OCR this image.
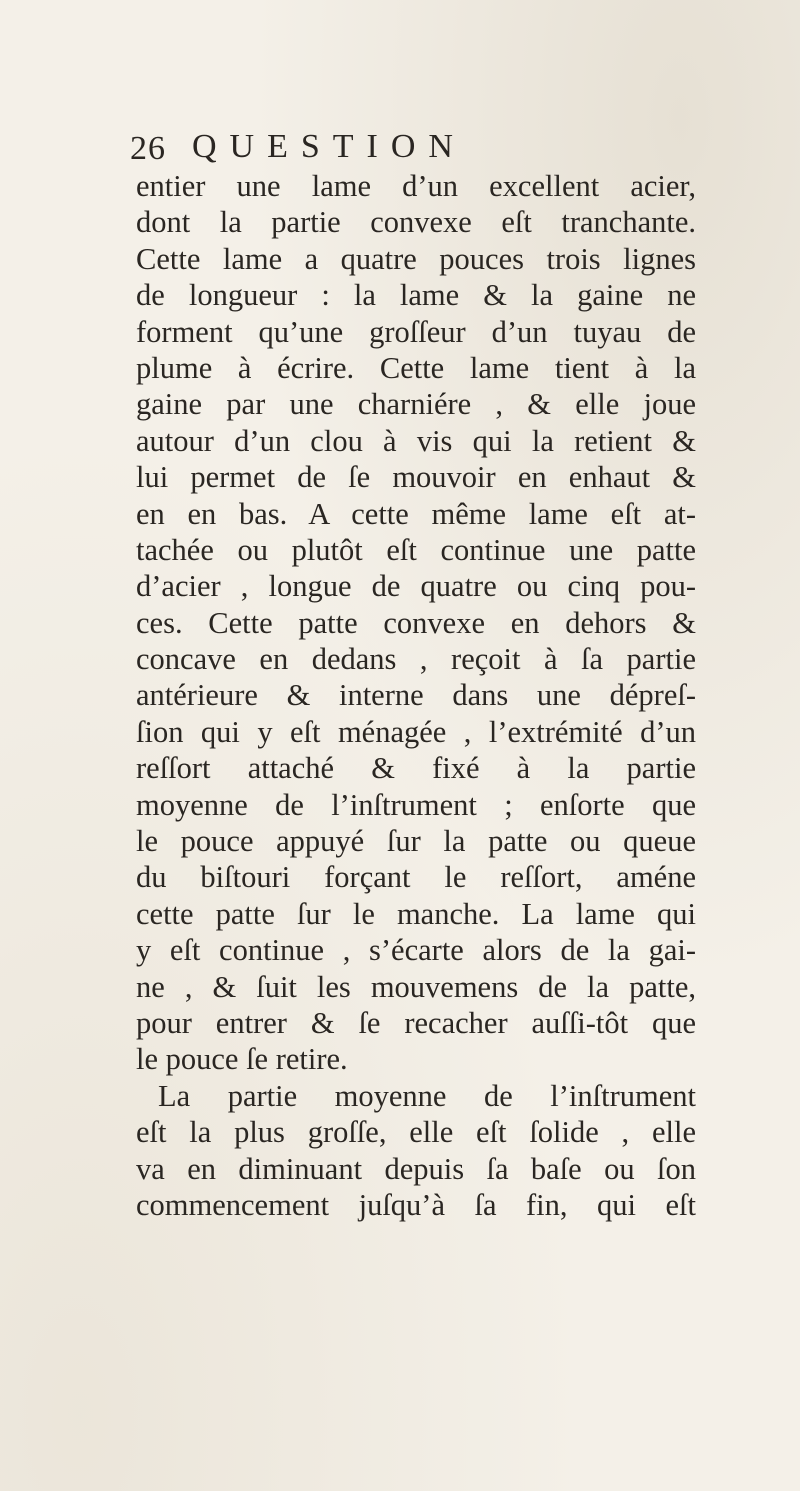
26 QUESTION
entier une lame d’un excellent acier,
dont la partie convexe eſt tranchante.
Cette lame a quatre pouces trois lignes
de longueur : la lame & la gaine ne
forment qu’une groſſeur d’un tuyau de
plume à écrire. Cette lame tient à la
gaine par une charniére , & elle joue
autour d’un clou à vis qui la retient &
lui permet de ſe mouvoir en enhaut &
en en bas. A cette même lame eſt at-
tachée ou plutôt eſt continue une patte
d’acier , longue de quatre ou cinq pou-
ces. Cette patte convexe en dehors &
concave en dedans , reçoit à ſa partie
antérieure & interne dans une dépreſ-
ſion qui y eſt ménagée , l’extrémité d’un
reſſort attaché & fixé à la partie
moyenne de l’inſtrument ; enſorte que
le pouce appuyé ſur la patte ou queue
du biſtouri forçant le reſſort, améne
cette patte ſur le manche. La lame qui
y eſt continue , s’écarte alors de la gai-
ne , & ſuit les mouvemens de la patte,
pour entrer & ſe recacher auſſi-tôt que
le pouce ſe retire.
La partie moyenne de l’inſtrument
eſt la plus groſſe, elle eſt ſolide , elle
va en diminuant depuis ſa baſe ou ſon
commencement juſqu’à ſa fin, qui eſt
